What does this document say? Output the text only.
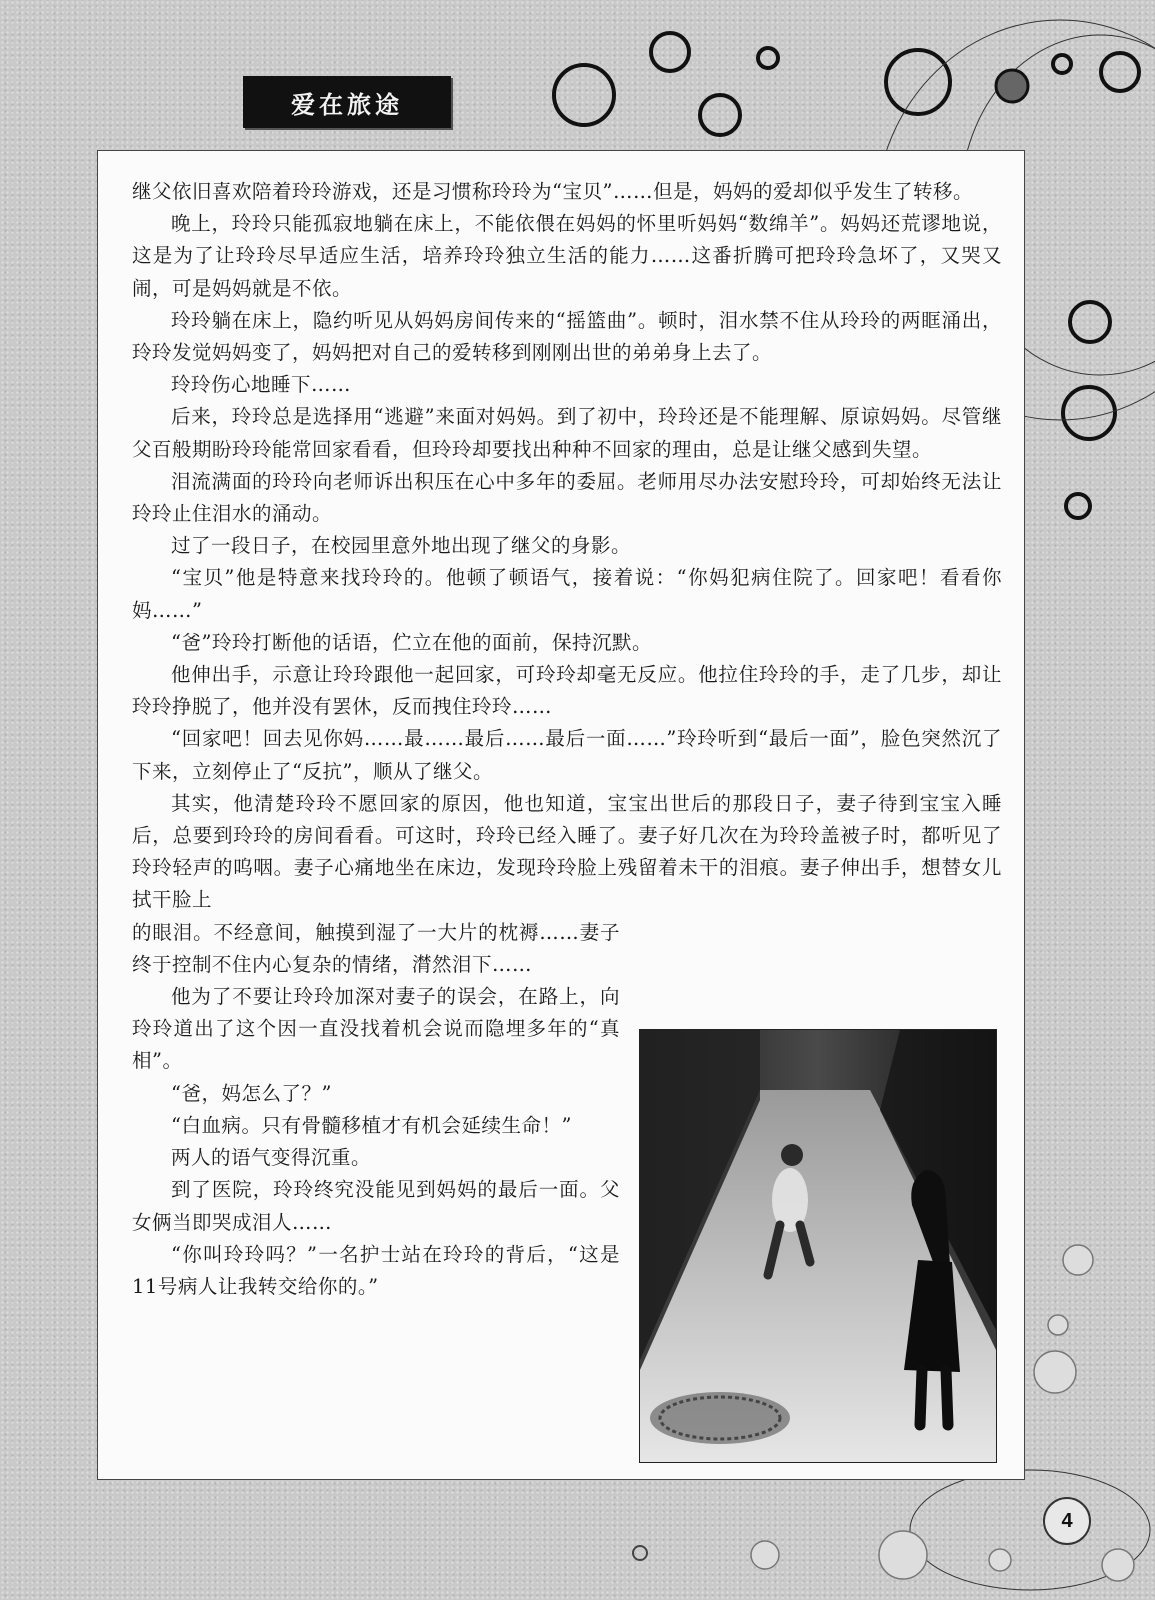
爱在旅途

继父依旧喜欢陪着玲玲游戏，还是习惯称玲玲为“宝贝”……但是，妈妈的爱却似乎发生了转移。

晚上，玲玲只能孤寂地躺在床上，不能依偎在妈妈的怀里听妈妈“数绵羊”。妈妈还荒谬地说，这是为了让玲玲尽早适应生活，培养玲玲独立生活的能力……这番折腾可把玲玲急坏了，又哭又闹，可是妈妈就是不依。

玲玲躺在床上，隐约听见从妈妈房间传来的“摇篮曲”。顿时，泪水禁不住从玲玲的两眶涌出，玲玲发觉妈妈变了，妈妈把对自己的爱转移到刚刚出世的弟弟身上去了。

玲玲伤心地睡下……

后来，玲玲总是选择用“逃避”来面对妈妈。到了初中，玲玲还是不能理解、原谅妈妈。尽管继父百般期盼玲玲能常回家看看，但玲玲却要找出种种不回家的理由，总是让继父感到失望。

泪流满面的玲玲向老师诉出积压在心中多年的委屈。老师用尽办法安慰玲玲，可却始终无法让玲玲止住泪水的涌动。

过了一段日子，在校园里意外地出现了继父的身影。

“宝贝”他是特意来找玲玲的。他顿了顿语气，接着说：“你妈犯病住院了。回家吧！看看你妈……”

“爸”玲玲打断他的话语，伫立在他的面前，保持沉默。

他伸出手，示意让玲玲跟他一起回家，可玲玲却毫无反应。他拉住玲玲的手，走了几步，却让玲玲挣脱了，他并没有罢休，反而拽住玲玲……

“回家吧！回去见你妈……最……最后……最后一面……”玲玲听到“最后一面”，脸色突然沉了下来，立刻停止了“反抗”，顺从了继父。

其实，他清楚玲玲不愿回家的原因，他也知道，宝宝出世后的那段日子，妻子待到宝宝入睡后，总要到玲玲的房间看看。可这时，玲玲已经入睡了。妻子好几次在为玲玲盖被子时，都听见了玲玲轻声的呜咽。妻子心痛地坐在床边，发现玲玲脸上残留着未干的泪痕。妻子伸出手，想替女儿拭干脸上

的眼泪。不经意间，触摸到湿了一大片的枕褥……妻子终于控制不住内心复杂的情绪，潸然泪下……

他为了不要让玲玲加深对妻子的误会，在路上，向玲玲道出了这个因一直没找着机会说而隐埋多年的“真相”。

“爸，妈怎么了？”

“白血病。只有骨髓移植才有机会延续生命！”

两人的语气变得沉重。

到了医院，玲玲终究没能见到妈妈的最后一面。父女俩当即哭成泪人……

“你叫玲玲吗？”一名护士站在玲玲的背后，“这是11号病人让我转交给你的。”

4
